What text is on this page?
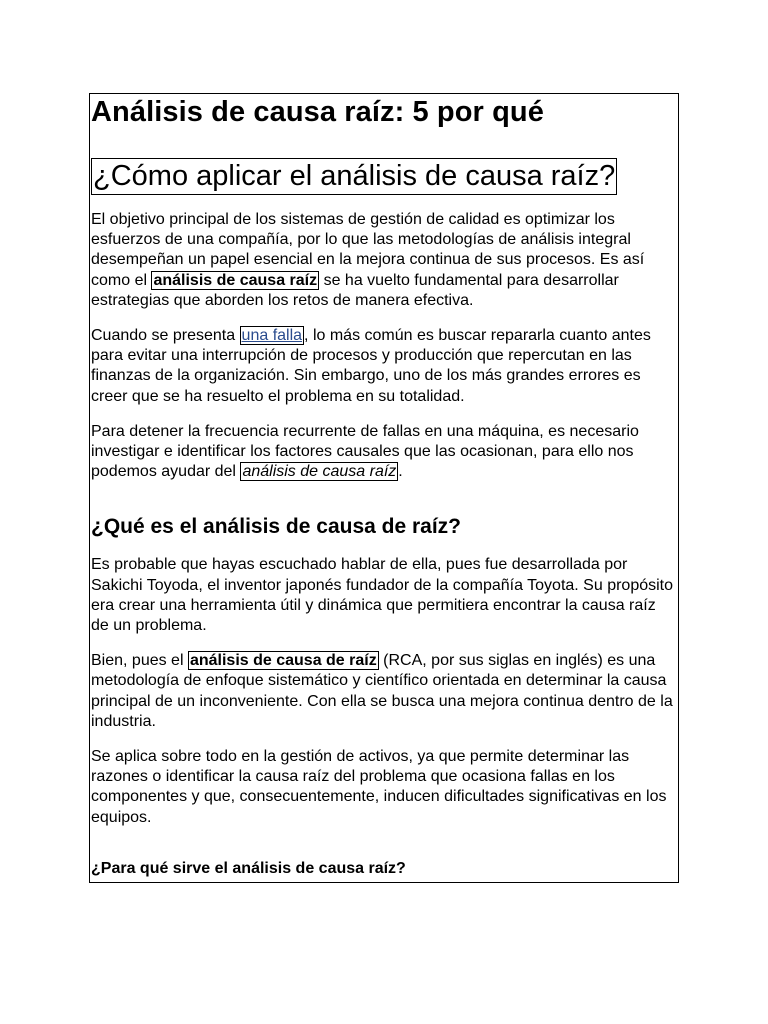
Análisis de causa raíz: 5 por qué
¿Cómo aplicar el análisis de causa raíz?

El objetivo principal de los sistemas de gestión de calidad es optimizar los esfuerzos de una compañía, por lo que las metodologías de análisis integral desempeñan un papel esencial en la mejora continua de sus procesos. Es así como el análisis de causa raíz se ha vuelto fundamental para desarrollar estrategias que aborden los retos de manera efectiva.

Cuando se presenta una falla , lo más común es buscar repararla cuanto antes para evitar una interrupción de procesos y producción que repercutan en las finanzas de la organización. Sin embargo, uno de los más grandes errores es creer que se ha resuelto el problema en su totalidad.

Para detener la frecuencia recurrente de fallas en una máquina, es necesario investigar e identificar los factores causales que las ocasionan, para ello nos podemos ayudar del análisis de causa raíz .

¿Qué es el análisis de causa de raíz?

Es probable que hayas escuchado hablar de ella, pues fue desarrollada por Sakichi Toyoda, el inventor japonés fundador de la compañía Toyota. Su propósito era crear una herramienta útil y dinámica que permitiera encontrar la causa raíz de un problema.

Bien, pues el análisis de causa de raíz (RCA, por sus siglas en inglés) es una metodología de enfoque sistemático y científico orientada en determinar la causa principal de un inconveniente. Con ella se busca una mejora continua dentro de la industria.

Se aplica sobre todo en la gestión de activos, ya que permite determinar las razones o identificar la causa raíz del problema que ocasiona fallas en los componentes y que, consecuentemente, inducen dificultades significativas en los equipos.

¿Para qué sirve el análisis de causa raíz?
